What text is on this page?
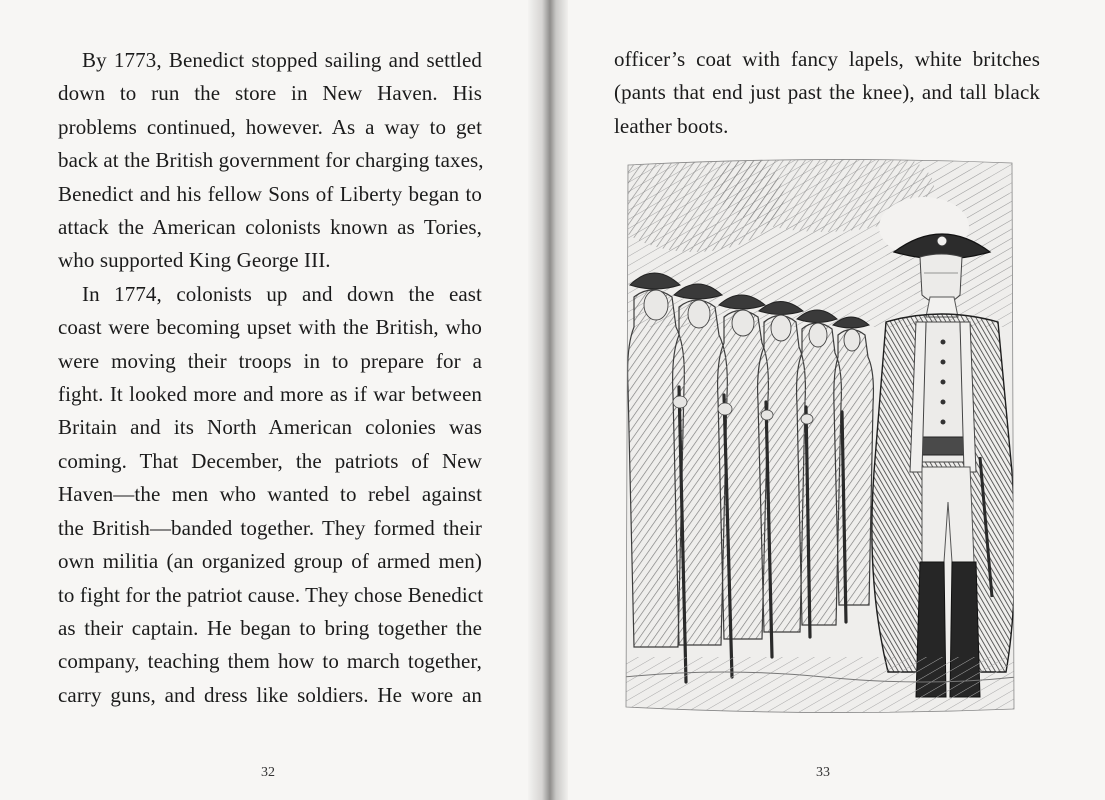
By 1773, Benedict stopped sailing and settled
down to run the store in New Haven. His
problems continued, however. As a way to get
back at the British government for charging taxes,
Benedict and his fellow Sons of Liberty began to
attack the American colonists known as Tories,
who supported King George III.
In 1774, colonists up and down the east
coast were becoming upset with the British, who
were moving their troops in to prepare for a
fight. It looked more and more as if war between
Britain and its North American colonies was
coming. That December, the patriots of New
Haven—the men who wanted to rebel against
the British—banded together. They formed their
own militia (an organized group of armed men)
to fight for the patriot cause. They chose Benedict
as their captain. He began to bring together the
company, teaching them how to march together,
carry guns, and dress like soldiers. He wore an
32
officer’s coat with fancy lapels, white britches
(pants that end just past the knee), and tall black
leather boots.
33
